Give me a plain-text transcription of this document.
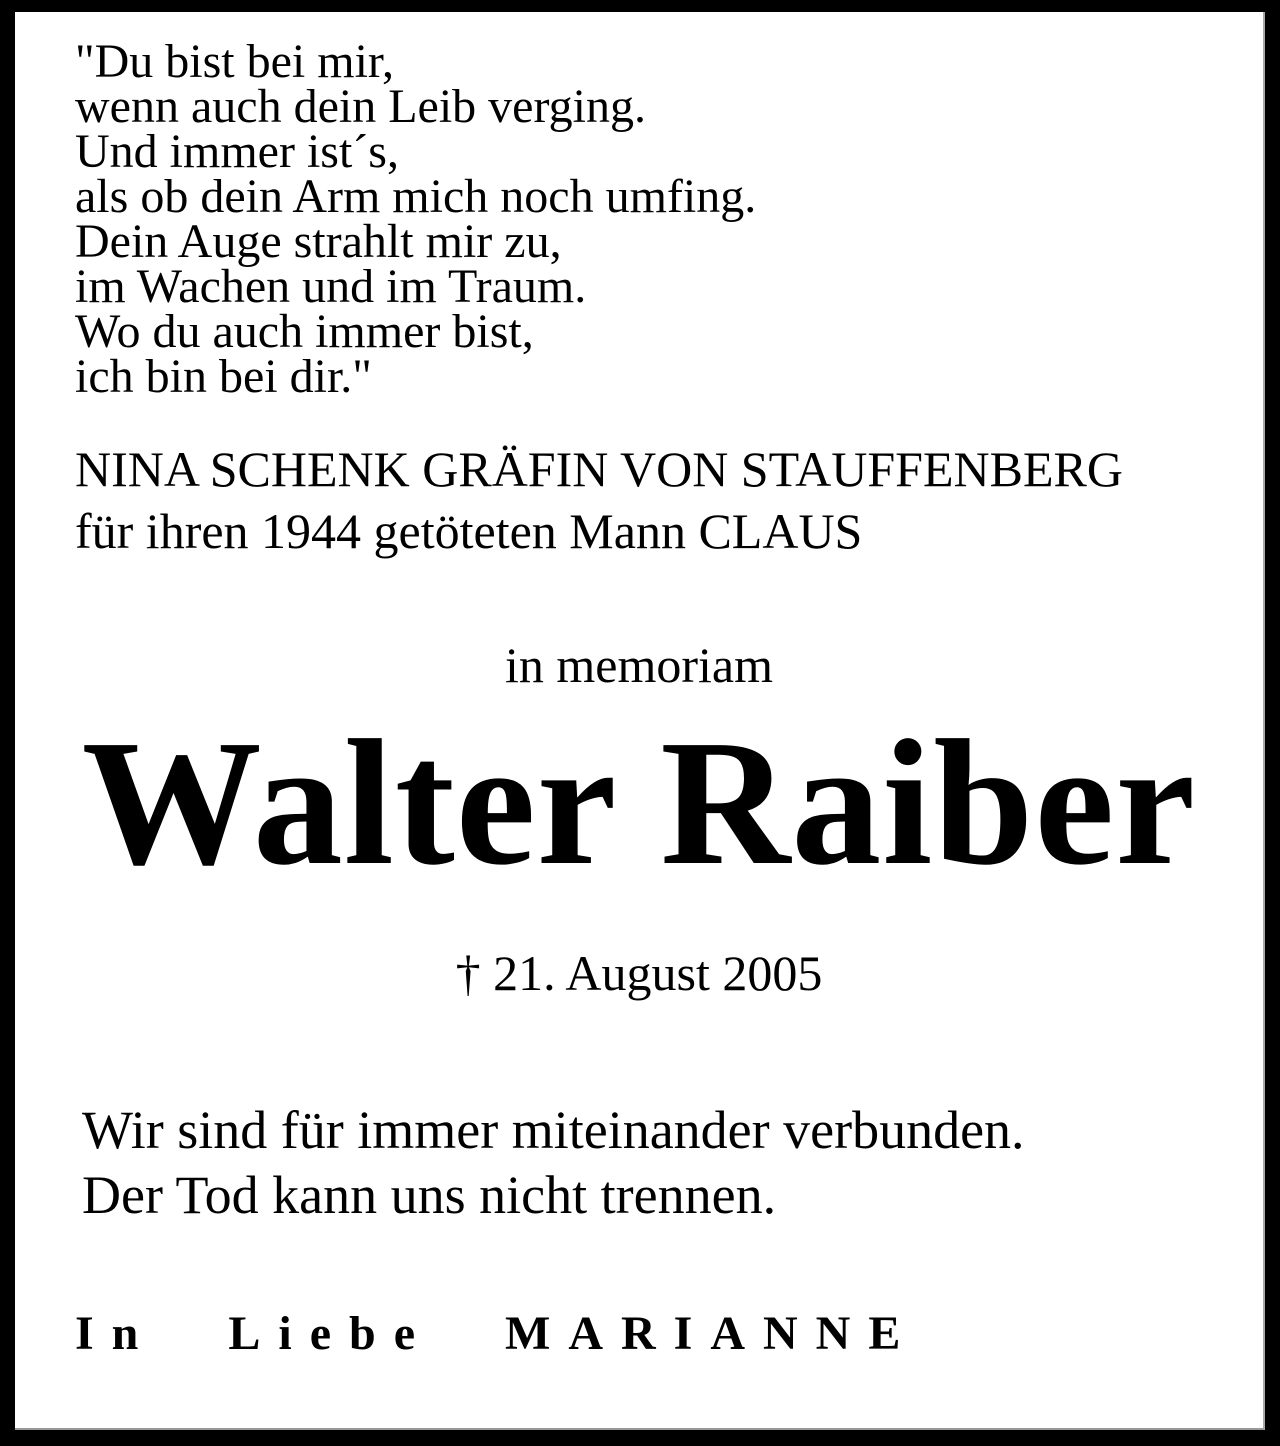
"Du bist bei mir,
wenn auch dein Leib verging.
Und immer ist´s,
als ob dein Arm mich noch umfing.
Dein Auge strahlt mir zu,
im Wachen und im Traum.
Wo du auch immer bist,
ich bin bei dir."
NINA SCHENK GRÄFIN VON STAUFFENBERG
für ihren 1944 getöteten Mann CLAUS
in memoriam
Walter Raiber
† 21. August 2005
Wir sind für immer miteinander verbunden.
Der Tod kann uns nicht trennen.
In Liebe MARIANNE
